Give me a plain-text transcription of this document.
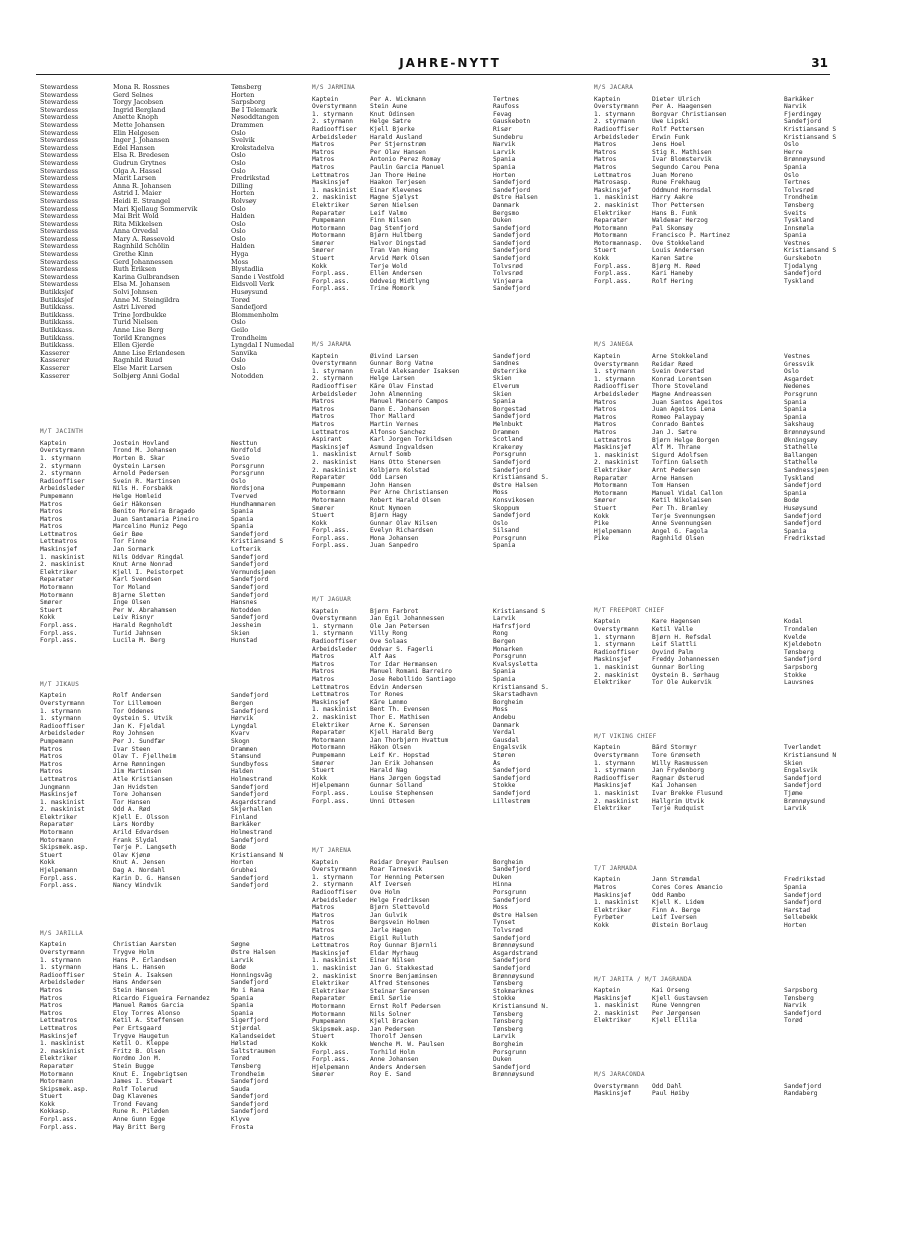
JAHRE-NYTT	31
Stewardess	Mona R. Rossnes	Tønsberg
Stewardess	Gerd Selnes	Horten
Stewardess	Torgy Jacobsen	Sarpsborg
Stewardess	Ingrid Bergland	Bø I Telemark
Stewardess	Anette Knoph	Nøsoddtangen
Stewardess	Mette Johansen	Drammen
Stewardess	Elin Helgesen	Oslo
Stewardess	Inger J. Johansen	Svelvik
Stewardess	Edel Hansen	Krokstadelva
Stewardess	Elsa R. Bredesen	Oslo
Stewardess	Gudrun Grytnes	Oslo
Stewardess	Olga A. Hassel	Oslo
Stewardess	Marit Larsen	Fredrikstad
Stewardess	Anna R. Johansen	Dilling
Stewardess	Astrid I. Maier	Horten
Stewardess	Heidi E. Strangel	Rolvsøy
Stewardess	Mari Kjellaug Sommervik	Oslo
Stewardess	Mai Brit Wold	Halden
Stewardess	Rita Mikkelsen	Oslo
Stewardess	Anna Orvedal	Oslo
Stewardess	Mary A. Røssevold	Oslo
Stewardess	Ragnhild Schölin	Halden
Stewardess	Grethe Kinn	Hyga
Stewardess	Gerd Johannessen	Moss
Stewardess	Ruth Eriksen	Blystadlia
Stewardess	Karina Gulbrandsen	Sande i Vestfold
Stewardess	Elsa M. Johansen	Eidsvoll Verk
Butikksjef	Solvi Johnsen	Husøysund
Butikksjef	Anne M. Steingildra	Torød
Butikkass.	Astri Liverød	Sandefjord
Butikkass.	Trine Jordbukke	Blommenholm
Butikkass.	Turid Nielsen	Oslo
Butikkass.	Anne Lise Berg	Geilo
Butikkass.	Torild Krangnes	Trondheim
Butikkass.	Ellen Gjerde	Lyngdal I Numedal
Kasserer	Anne Lise Erlandesen	Sanvika
Kasserer	Ragnhild Ruud	Oslo
Kasserer	Else Marit Larsen	Oslo
Kasserer	Solbjørg Anni Godal	Notodden
M/T JACINTH
Kaptein	Jostein Hovland	Nesttun
Overstyrmann	Trond M. Johansen	Nordfold
1. styrmann	Morten B. Skar	Sveio
2. styrmann	Oystein Larsen	Porsgrunn
2. styrmann	Arnold Pedersen	Porsgrunn
Radiooffiser	Svein R. Martinsen	Oslo
Arbeidsleder	Nils H. Forsbakk	Nordsjona
Pumpemann	Helge Homleid	Tverved
Matros	Geir Håkonsen	Hundhammaren
Matros	Benito Moreira Bragado	Spania
Matros	Juan Santamaria Pineiro	Spania
Matros	Marcelino Muniz Pego	Spania
Lettmatros	Geir Bøe	Sandefjord
Lettmatros	Tor Finne	Kristiansand S
Maskinsjef	Jan Sormark	Lofterik
1. maskinist	Nils Oddvar Ringdal	Sandefjord
2. maskinist	Knut Arne Nonrad	Sandefjord
Elektriker	Kjell I. Peistorpet	Vermundsjøen
Reparatør	Karl Svendsen	Sandefjord
Motormann	Tor Moland	Sandefjord
Motormann	Bjarne Sletten	Sandefjord
Smører	Inge Olsen	Hansnes
Stuert	Per W. Abrahamsen	Notodden
Kokk	Leiv Risnyr	Sandefjord
Forpl.ass.	Harald Regnholdt	Jessheim
Forpl.ass.	Turid Jahnsen	Skien
Forpl.ass.	Lucila M. Berg	Hunstad
M/T JIKAUS
Kaptein	Rolf Andersen	Sandefjord
Overstyrmann	Tor Lillemoen	Bergen
1. styrmann	Tor Oddenes	Sandefjord
1. styrmann	Oystein S. Utvik	Hørvik
Radiooffiser	Jan K. Fjeldal	Lyngdal
Arbeidsleder	Roy Johnsen	Kvarv
Pumpemann	Per J. Sundfær	Skogn
Matros	Ivar Steen	Drammen
Matros	Olav T. Fjellheim	Stamsund
Matros	Arne Rønningen	Sundbyfoss
Matros	Jim Martinsen	Halden
Lettmatros	Atle Kristiansen	Holmestrand
Jungmann	Jan Hvidsten	Sandefjord
Maskinsjef	Tore Johansen	Sandefjord
1. maskinist	Tor Hansen	Asgardstrand
2. maskinist	Odd A. Rød	Skjerhallen
Elektriker	Kjell E. Olsson	Finland
Reparatør	Lars Nordby	Barkåker
Motormann	Arild Edvardsen	Holmestrand
Motormann	Frank Slydal	Sandefjord
Skipsmek.asp.	Terje P. Langseth	Bodø
Stuert	Olav Kjønø	Kristiansand N
Kokk	Knut A. Jensen	Horten
Hjelpemann	Dag A. Nordahl	Grubhei
Forpl.ass.	Karin D. G. Hansen	Sandefjord
Forpl.ass.	Nancy Windvik	Sandefjord
M/S JARILLA
Kaptein	Christian Aarsten	Søgne
Overstyrmann	Trygve Holm	Østre Halsen
1. styrmann	Hans P. Erlandsen	Larvik
1. styrmann	Hans L. Hansen	Bodø
Radiooffiser	Stein A. Isaksen	Honningsvåg
Arbeidsleder	Hans Andersen	Sandefjord
Matros	Stein Hansen	Mo i Rana
Matros	Ricardo Figueira Fernandez	Spania
Matros	Manuel Ramos Garcia	Spania
Matros	Eloy Torres Alonso	Spania
Lettmatros	Ketil A. Steffensen	Sigerfjord
Lettmatros	Per Ertsgaard	Stjørdal
Maskinsjef	Trygve Haugetun	Kalandseidet
1. maskinist	Ketil O. Kleppe	Hølstad
2. maskinist	Fritz B. Olsen	Saltstraumen
Elektriker	Nordmo Jon M.	Torød
Reparatør	Stein Bugge	Tønsberg
Motormann	Knut E. Ingebrigtsen	Trondheim
Motormann	James I. Stewart	Sandefjord
Skipsmek.asp.	Rolf Tolerud	Sauda
Stuert	Dag Klavenes	Sandefjord
Kokk	Trond Fevang	Sandefjord
Kokkasp.	Rune R. Piløden	Sandefjord
Forpl.ass.	Anne Gunn Egge	Klyve
Forpl.ass.	May Britt Berg	Frosta
M/S JARMINA
Kaptein	Per A. Wickmann	Tertnes
Overstyrmann	Stein Aune	Raufoss
1. styrmann	Knut Odinsen	Fevag
2. styrmann	Helge Sætre	Gauskebotn
Radiooffiser	Kjell Bjerke	Risør
Arbeidsleder	Harald Ausland	Sundebru
Matros	Per Stjernstrøm	Narvik
Matros	Per Olav Hansen	Larvik
Matros	Antonio Perez Romay	Spania
Matros	Paulin Garcia Manuel	Spania
Lettmatros	Jan Thore Heine	Horten
Maskinsjef	Haakon Terjesen	Sandefjord
1. maskinist	Einar Klevenes	Sandefjord
2. maskinist	Magne Sjølyst	Østre Halsen
Elektriker	Søren Nielsen	Danmark
Reparatør	Leif Valmo	Bergsmo
Pumpemann	Finn Nilsen	Duken
Motormann	Dag Stenfjord	Sandefjord
Motormann	Bjørn Hultberg	Sandefjord
Smører	Halvor Dingstad	Sandefjord
Smører	Tran Van Hung	Sandefjord
Stuert	Arvid Mørk Olsen	Sandefjord
Kokk	Terje Wold	Tolvsrød
Forpl.ass.	Ellen Andersen	Tolvsrød
Forpl.ass.	Oddveig Midtlyng	Vinjeøra
Forpl.ass.	Trine Momork	Sandefjord
M/S JARAMA
Kaptein	Øivind Larsen	Sandefjord
Overstyrmann	Gunnar Borg Vatne	Sandnes
1. styrmann	Evald Aleksander Isaksen	Østerrike
2. styrmann	Helge Larsen	Skien
Radiooffiser	Kåre Olav Finstad	Elverum
Arbeidsleder	John Almenning	Skien
Matros	Manuel Mancero Campos	Spania
Matros	Dann E. Johansen	Borgestad
Matros	Thor Mallard	Sandefjord
Matros	Martin Vernes	Melnbukt
Lettmatros	Alfonso Sanchez	Drammen
Aspirant	Karl Jorgen Torkildsen	Scotland
Maskinsjef	Asmund Ingvaldsen	Krakerøy
1. maskinist	Arnulf Somb	Porsgrunn
2. maskinist	Hans Otto Stenersen	Sandefjord
2. maskinist	Kolbjørn Kolstad	Sandefjord
Reparatør	Odd Larsen	Kristiansand S.
Pumpemann	John Hansen	Østre Halsen
Motormann	Per Arne Christiansen	Moss
Motormann	Robert Harald Olsen	Konsvikosen
Smører	Knut Nymoen	Skoppum
Stuert	Bjørn Hagy	Sandefjord
Kokk	Gunnar Olav Nilsen	Oslo
Forpl.ass.	Evelyn Richardsen	Silsand
Forpl.ass.	Mona Johansen	Porsgrunn
Forpl.ass.	Juan Sanpedro	Spania
M/T JAGUAR
Kaptein	Bjørn Farbrot	Kristiansand S
Overstyrmann	Jan Egil Johannessen	Larvik
1. styrmann	Ole Jan Petersen	Hafrsfjord
1. styrmann	Villy Rong	Rong
Radiooffiser	Ove Solaas	Bergen
Arbeidsleder	Oddvar S. Fagerli	Monarken
Matros	Alf Aas	Porsgrunn
Matros	Tor Idar Hermansen	Kvalsysletta
Matros	Manuel Romani Barreiro	Spania
Matros	Jose Rebollido Santiago	Spania
Lettmatros	Edvin Andersen	Kristiansand S.
Lettmatros	Tor Rones	Skarstadhavn
Maskinsjef	Kåre Lønmo	Borgheim
1. maskinist	Bent Th. Evensen	Moss
2. maskinist	Thor E. Mathisen	Andebu
Elektriker	Arne K. Sørensen	Danmark
Reparatør	Kjell Harald Berg	Verdal
Motormann	Jan Thorbjørn Hvattum	Gausdal
Motormann	Håkon Olsen	Engalsvik
Pumpemann	Leif Kr. Hopstad	Støren
Smører	Jan Erik Johansen	Ås
Stuert	Harald Nag	Sandefjord
Kokk	Hans Jørgen Gogstad	Sandefjord
Hjelpemann	Gunnar Solland	Stokke
Forpl.ass.	Louise Stephensen	Sandefjord
Forpl.ass.	Unni Ottesen	Lillestrøm
M/T JARENA
Kaptein	Reidar Dreyer Paulsen	Borgheim
Overstyrmann	Roar Tarnesvik	Sandefjord
1. styrmann	Tor Henning Petersen	Duken
2. styrmann	Alf Iversen	Hinna
Radiooffiser	Ove Holm	Porsgrunn
Arbeidsleder	Helge Fredriksen	Sandefjord
Matros	Bjørn Slettevold	Moss
Matros	Jan Gulvik	Østre Halsen
Matros	Bergsvein Holmen	Tynset
Matros	Jarle Hagen	Tolvsrød
Matros	Eigil Rulluth	Sandefjord
Lettmatros	Roy Gunnar Bjørnli	Brønnøysund
Maskinsjef	Eldar Myrhaug	Asgardstrand
1. maskinist	Einar Nilsen	Sandefjord
1. maskinist	Jan G. Stakkestad	Sandefjord
2. maskinist	Snorre Benjaminsen	Brønnøysund
Elektriker	Alfred Stensones	Tønsberg
Elektriker	Steinar Sørensen	Stokmarknes
Reparatør	Emil Sørlie	Stokke
Motormann	Ernst Rolf Pedersen	Kristiansund N.
Motormann	Nils Solner	Tønsberg
Pumpemann	Kjell Bracken	Tønsberg
Skipsmek.asp.	Jan Pedersen	Tønsberg
Stuert	Thorolf Jensen	Larvik
Kokk	Wenche M. W. Paulsen	Borgheim
Forpl.ass.	Torhild Holm	Porsgrunn
Forpl.ass.	Anne Johansen	Duken
Hjelpemann	Anders Andersen	Sandefjord
Smører	Roy E. Sand	Brønnøysund
M/S JACARA
Kaptein	Dieter Ulrich	Barkåker
Overstyrmann	Per A. Haagensen	Narvik
1. styrmann	Borgvar Christiansen	Fjerdingøy
2. styrmann	Uwe Lipski	Sandefjord
Radiooffiser	Rolf Pettersen	Kristiansand S
Arbeidsleder	Erwin Funk	Kristiansand S
Matros	Jens Hoel	Oslo
Matros	Stig R. Mathisen	Herre
Matros	Ivar Blomstervik	Brønnøysund
Matros	Segundo Carou Pena	Spania
Lettmatros	Juan Moreno	Oslo
Matrosasp.	Rune Frekhaug	Tertnes
Maskinsjef	Oddmund Hornsdal	Tolvsrød
1. maskinist	Harry Aakre	Trondheim
2. maskinist	Thor Pettersen	Tønsberg
Elektriker	Hans B. Funk	Sveits
Reparatør	Waldemar Herzog	Tyskland
Motormann	Pal Skomsøy	Innsmøla
Motormann	Francisco P. Martinez	Spania
Motormannasp.	Ove Stokkeland	Vestnes
Stuert	Louis Andersen	Kristiansand S
Kokk	Karen Sætre	Gurskebotn
Forpl.ass.	Bjørg M. Røed	Tjodalyng
Forpl.ass.	Kari Haneby	Sandefjord
Forpl.ass.	Rolf Hering	Tyskland
M/S JANEGA
Kaptein	Arne Stokkeland	Vestnes
Overstyrmann	Reidar Røed	Gressvik
1. styrmann	Svein Overstad	Oslo
1. styrmann	Konrad Lorentsen	Asgardet
Radiooffiser	Thore Stoveland	Nedenes
Arbeidsleder	Magne Andreassen	Porsgrunn
Matros	Juan Santos Ageitos	Spania
Matros	Juan Ageitos Lena	Spania
Matros	Romeo Palaypay	Spania
Matros	Conrado Bantes	Sakshaug
Matros	Jan J. Sætre	Brønnøysund
Lettmatros	Bjørn Helge Borgen	Økningsøy
Maskinsjef	Alf M. Thrane	Stathelle
1. maskinist	Sigurd Adolfsen	Ballangen
2. maskinist	Torfinn Galseth	Stathelle
Elektriker	Arnt Pedersen	Sandnessjøen
Reparatør	Arne Hansen	Tyskland
Motormann	Tom Hansen	Sandefjord
Motormann	Manuel Vidal Callon	Spania
Smører	Ketil Nikolaisen	Bodø
Stuert	Per Th. Bramley	Husøysund
Kokk	Terje Svennungsen	Sandefjord
Pike	Anne Svennungsen	Sandefjord
Hjelpemann	Angel G. Fagola	Spania
Pike	Ragnhild Olsen	Fredrikstad
M/T FREEPORT CHIEF
Kaptein	Kare Hagensen	Kodal
Overstyrmann	Ketil Valle	Trondalen
1. styrmann	Bjørn H. Refsdal	Kvelde
1. styrmann	Leif Slattli	Kjeldebotn
Radiooffiser	Oyvind Palm	Tønsberg
Maskinsjef	Freddy Johannessen	Sandefjord
1. maskinist	Gunnar Borling	Sarpsborg
2. maskinist	Oystein B. Sørhaug	Stokke
Elektriker	Tor Ole Aukervik	Lauvsnes
M/T VIKING CHIEF
Kaptein	Bård Stormyr	Tverlandet
Overstyrmann	Tore Grønseth	Kristiansund N
1. styrmann	Willy Rasmussen	Skien
1. styrmann	Jan Frydenborg	Engalsvik
Radiooffiser	Ragnar Østerud	Sandefjord
Maskinsjef	Kai Johansen	Sandefjord
1. maskinist	Ivar Brekke Flusund	Tjøme
2. maskinist	Hallgrim Utvik	Brønnøysund
Elektriker	Terje Rudquist	Larvik
T/T JARMADA
Kaptein	Jann Strømdal	Fredrikstad
Matros	Cores Cores Amancio	Spania
Maskinsjef	Odd Rambo	Sandefjord
1. maskinist	Kjell K. Lidem	Sandefjord
Elektriker	Finn A. Berge	Harstad
Fyrbøter	Leif Iversen	Sellebekk
Kokk	Øistein Borlaug	Horten
M/T JARITA / M/T JAGRANDA
Kaptein	Kai Orseng	Sarpsborg
Maskinsjef	Kjell Gustavsen	Tønsberg
1. maskinist	Rune Venngren	Narvik
2. maskinist	Per Jørgensen	Sandefjord
Elektriker	Kjell Ellila	Torød
M/S JARACONDA
Overstyrmann	Odd Dahl	Sandefjord
Maskinsjef	Paul Høiby	Randaberg
